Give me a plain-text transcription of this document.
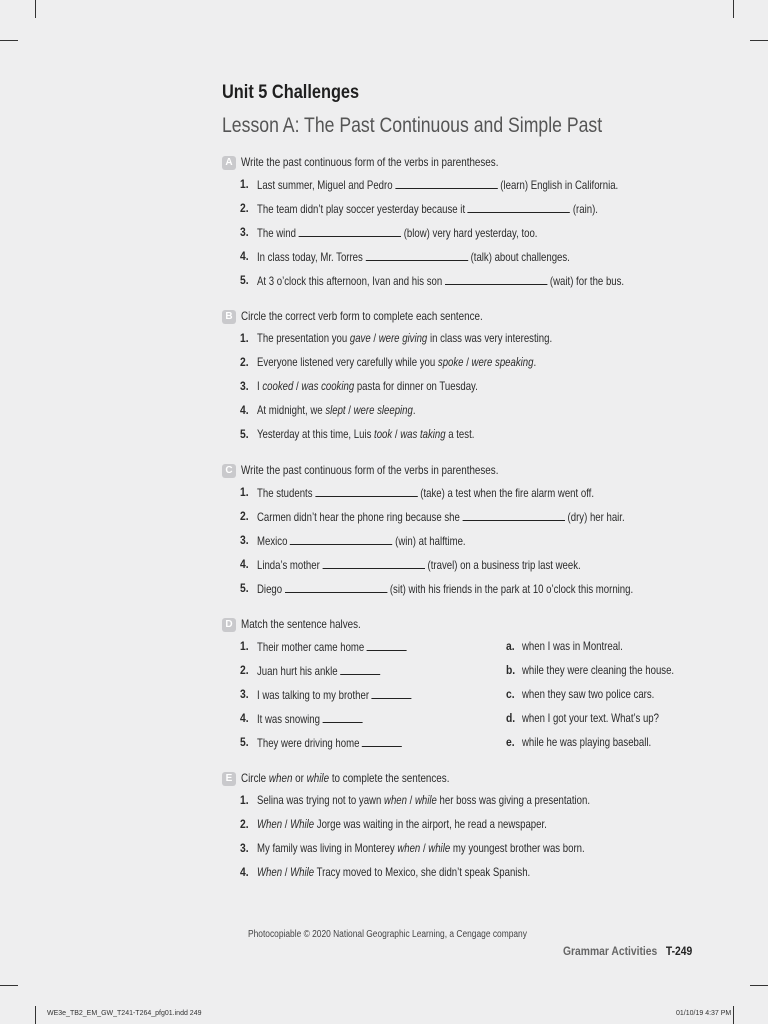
Unit 5 Challenges
Lesson A: The Past Continuous and Simple Past
A Write the past continuous form of the verbs in parentheses.
1. Last summer, Miguel and Pedro	(learn) English in California.
2. The team didn’t play soccer yesterday because it	(rain).
3. The wind	(blow) very hard yesterday, too.
4. In class today, Mr. Torres	(talk) about challenges.
5. At 3 o’clock this afternoon, Ivan and his son	(wait) for the bus.
B Circle the correct verb form to complete each sentence.
1. The presentation you gave / were giving in class was very interesting.
2. Everyone listened very carefully while you spoke / were speaking.
3. I cooked / was cooking pasta for dinner on Tuesday.
4. At midnight, we slept / were sleeping.
5. Yesterday at this time, Luis took / was taking a test.
C Write the past continuous form of the verbs in parentheses.
1. The students	(take) a test when the fire alarm went off.
2. Carmen didn’t hear the phone ring because she	(dry) her hair.
3. Mexico	(win) at halftime.
4. Linda’s mother	(travel) on a business trip last week.
5. Diego	(sit) with his friends in the park at 10 o’clock this morning.
D Match the sentence halves.
1. Their mother came home	a. when I was in Montreal.
2. Juan hurt his ankle	b. while they were cleaning the house.
3. I was talking to my brother	c. when they saw two police cars.
4. It was snowing	d. when I got your text. What’s up?
5. They were driving home	e. while he was playing baseball.
E Circle when or while to complete the sentences.
1. Selina was trying not to yawn when / while her boss was giving a presentation.
2. When / While Jorge was waiting in the airport, he read a newspaper.
3. My family was living in Monterey when / while my youngest brother was born.
4. When / While Tracy moved to Mexico, she didn’t speak Spanish.
Photocopiable © 2020 National Geographic Learning, a Cengage company
Grammar Activities T-249
WE3e_TB2_EM_GW_T241-T264_pfg01.indd 249	01/10/19 4:37 PM
